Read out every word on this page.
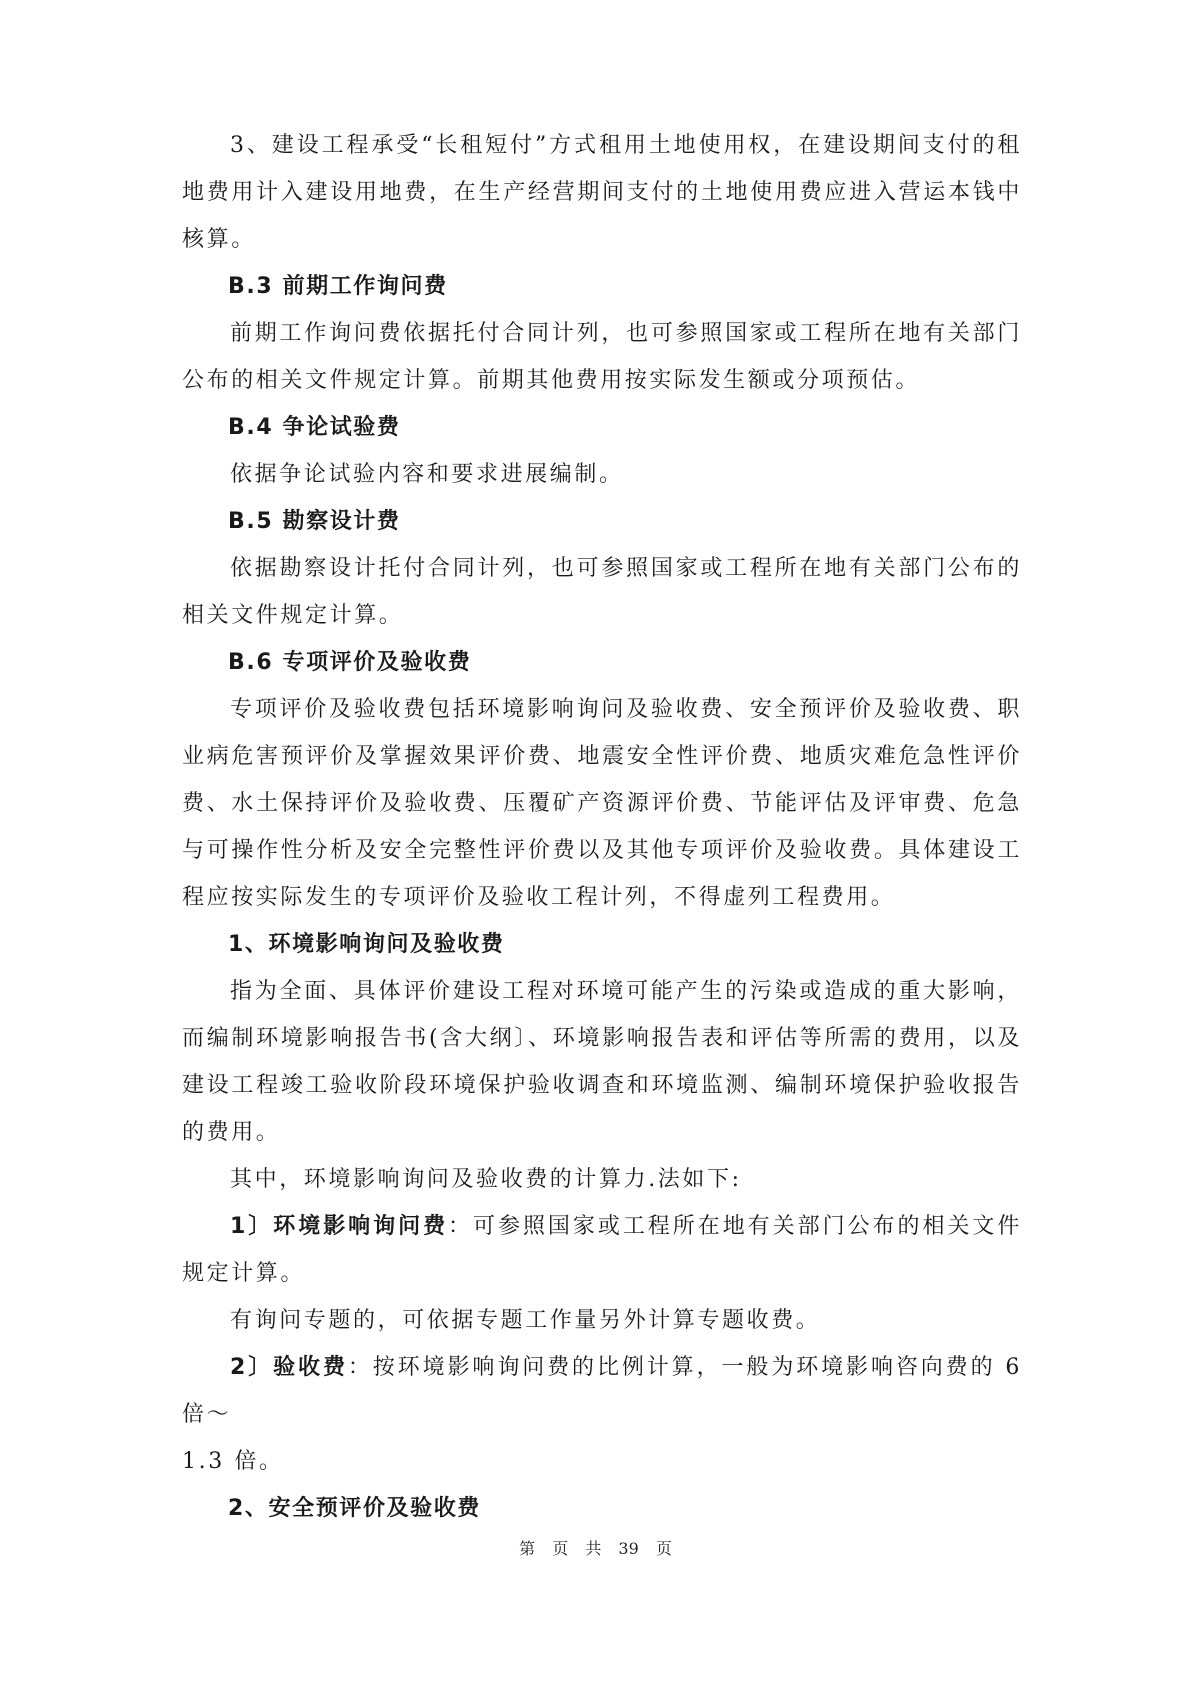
3、建设工程承受“长租短付”方式租用土地使用权，在建设期间支付的租地费用计入建设用地费，在生产经营期间支付的土地使用费应进入营运本钱中核算。

B.3 前期工作询问费

前期工作询问费依据托付合同计列，也可参照国家或工程所在地有关部门公布的相关文件规定计算。前期其他费用按实际发生额或分项预估。

B.4 争论试验费

依据争论试验内容和要求进展编制。

B.5 勘察设计费

依据勘察设计托付合同计列，也可参照国家或工程所在地有关部门公布的相关文件规定计算。

B.6 专项评价及验收费

专项评价及验收费包括环境影响询问及验收费、安全预评价及验收费、职业病危害预评价及掌握效果评价费、地震安全性评价费、地质灾难危急性评价费、水土保持评价及验收费、压覆矿产资源评价费、节能评估及评审费、危急与可操作性分析及安全完整性评价费以及其他专项评价及验收费。具体建设工程应按实际发生的专项评价及验收工程计列，不得虚列工程费用。

1、环境影响询问及验收费

指为全面、具体评价建设工程对环境可能产生的污染或造成的重大影响，而编制环境影响报告书(含大纲〕、环境影响报告表和评估等所需的费用，以及建设工程竣工验收阶段环境保护验收调查和环境监测、编制环境保护验收报告的费用。

其中，环境影响询问及验收费的计算力.法如下:

1〕环境影响询问费：可参照国家或工程所在地有关部门公布的相关文件规定计算。

有询问专题的，可依据专题工作量另外计算专题收费。

2〕验收费：按环境影响询问费的比例计算，一般为环境影响咨向费的 6 倍～

1.3 倍。

2、安全预评价及验收费

第 页 共 39 页
